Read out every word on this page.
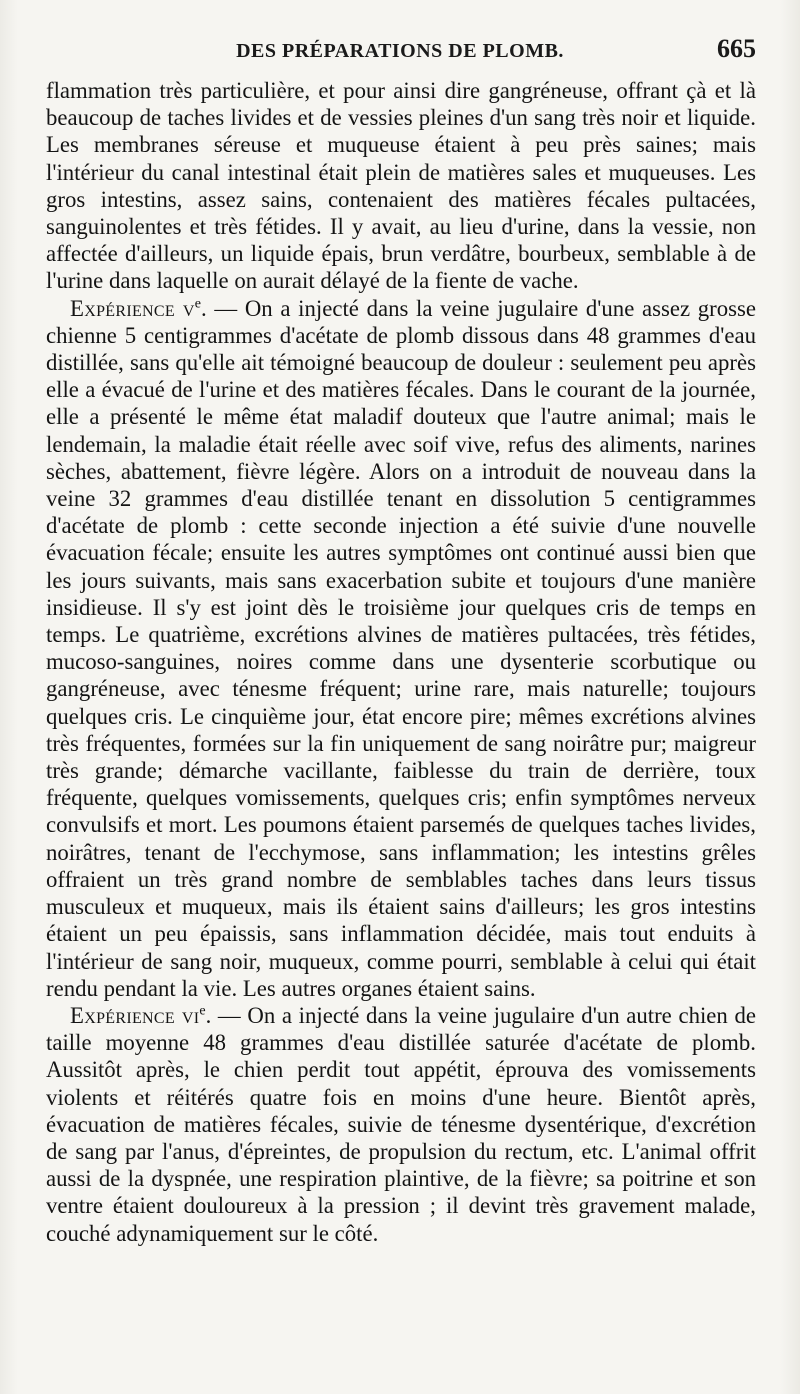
DES PRÉPARATIONS DE PLOMB.	665

flammation très particulière, et pour ainsi dire gangréneuse, offrant çà et là beaucoup de taches livides et de vessies pleines d'un sang très noir et liquide. Les membranes séreuse et muqueuse étaient à peu près saines; mais l'intérieur du canal intestinal était plein de matières sales et muqueuses. Les gros intestins, assez sains, contenaient des matières fécales pultacées, sanguinolentes et très fétides. Il y avait, au lieu d'urine, dans la vessie, non affectée d'ailleurs, un liquide épais, brun verdâtre, bourbeux, semblable à de l'urine dans laquelle on aurait délayé de la fiente de vache.

Expérience $v^e$. — On a injecté dans la veine jugulaire d'une assez grosse chienne 5 centigrammes d'acétate de plomb dissous dans 48 grammes d'eau distillée, sans qu'elle ait témoigné beaucoup de douleur : seulement peu après elle a évacué de l'urine et des matières fécales. Dans le courant de la journée, elle a présenté le même état maladif douteux que l'autre animal; mais le lendemain, la maladie était réelle avec soif vive, refus des aliments, narines sèches, abattement, fièvre légère. Alors on a introduit de nouveau dans la veine 32 grammes d'eau distillée tenant en dissolution 5 centigrammes d'acétate de plomb : cette seconde injection a été suivie d'une nouvelle évacuation fécale; ensuite les autres symptômes ont continué aussi bien que les jours suivants, mais sans exacerbation subite et toujours d'une manière insidieuse. Il s'y est joint dès le troisième jour quelques cris de temps en temps. Le quatrième, excrétions alvines de matières pultacées, très fétides, mucoso-sanguines, noires comme dans une dysenterie scorbutique ou gangréneuse, avec ténesme fréquent; urine rare, mais naturelle; toujours quelques cris. Le cinquième jour, état encore pire; mêmes excrétions alvines très fréquentes, formées sur la fin uniquement de sang noirâtre pur; maigreur très grande; démarche vacillante, faiblesse du train de derrière, toux fréquente, quelques vomissements, quelques cris; enfin symptômes nerveux convulsifs et mort. Les poumons étaient parsemés de quelques taches livides, noirâtres, tenant de l'ecchymose, sans inflammation; les intestins grêles offraient un très grand nombre de semblables taches dans leurs tissus musculeux et muqueux, mais ils étaient sains d'ailleurs; les gros intestins étaient un peu épaissis, sans inflammation décidée, mais tout enduits à l'intérieur de sang noir, muqueux, comme pourri, semblable à celui qui était rendu pendant la vie. Les autres organes étaient sains.

Expérience $vi^e$. — On a injecté dans la veine jugulaire d'un autre chien de taille moyenne 48 grammes d'eau distillée saturée d'acétate de plomb. Aussitôt après, le chien perdit tout appétit, éprouva des vomissements violents et réitérés quatre fois en moins d'une heure. Bientôt après, évacuation de matières fécales, suivie de ténesme dysentérique, d'excrétion de sang par l'anus, d'épreintes, de propulsion du rectum, etc. L'animal offrit aussi de la dyspnée, une respiration plaintive, de la fièvre; sa poitrine et son ventre étaient douloureux à la pression ; il devint très gravement malade, couché adynamiquement sur le côté.
